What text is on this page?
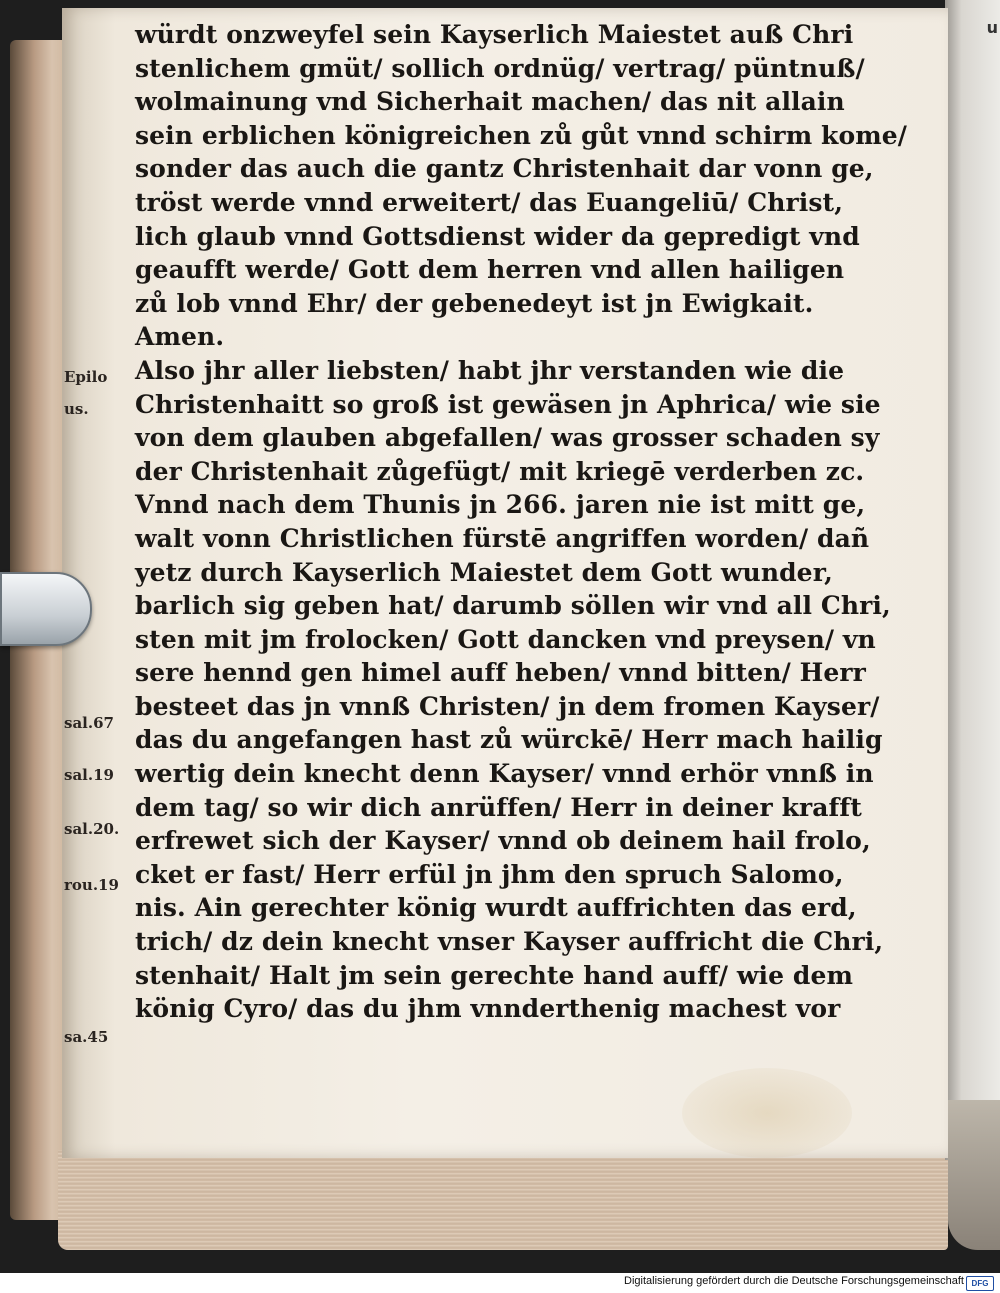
u
würdt onzweyfel sein Kayserlich Maiestet auß Chri
stenlichem gmüt/ sollich ordnüg/ vertrag/ püntnuß/
wolmainung vnd Sicherhait machen/ das nit allain
sein erblichen königreichen zů gůt vnnd schirm kome/
sonder das auch die gantz Christenhait dar vonn ge,
tröst werde vnnd erweitert/ das Euangeliū/ Christ,
lich glaub vnnd Gottsdienst wider da gepredigt vnd
geaufft werde/ Gott dem herren vnd allen hailigen
zů lob vnnd Ehr/ der gebenedeyt ist jn Ewigkait.
Amen.
Also jhr aller liebsten/ habt jhr verstanden wie die
Christenhaitt so groß ist gewäsen jn Aphrica/ wie sie
von dem glauben abgefallen/ was grosser schaden sy
der Christenhait zůgefügt/ mit kriegē verderben zc.
Vnnd nach dem Thunis jn 266. jaren nie ist mitt ge,
walt vonn Christlichen fürstē angriffen worden/ dañ
yetz durch Kayserlich Maiestet dem Gott wunder,
barlich sig geben hat/ darumb söllen wir vnd all Chri,
sten mit jm frolocken/ Gott dancken vnd preysen/ vn
sere hennd gen himel auff heben/ vnnd bitten/ Herr
besteet das jn vnnß Christen/ jn dem fromen Kayser/
das du angefangen hast zů würckē/ Herr mach hailig
wertig dein knecht denn Kayser/ vnnd erhör vnnß in
dem tag/ so wir dich anrüffen/ Herr in deiner krafft
erfrewet sich der Kayser/ vnnd ob deinem hail frolo,
cket er fast/ Herr erfül jn jhm den spruch Salomo,
nis. Ain gerechter könig wurdt auffrichten das erd,
trich/ dz dein knecht vnser Kayser auffricht die Chri,
stenhait/ Halt jm sein gerechte hand auff/ wie dem
könig Cyro/ das du jhm vnnderthenig machest vor
Epilo
us.
sal.67
sal.19
sal.20.
rou.19
sa.45
Digitalisierung gefördert durch die Deutsche Forschungsgemeinschaft DFG
